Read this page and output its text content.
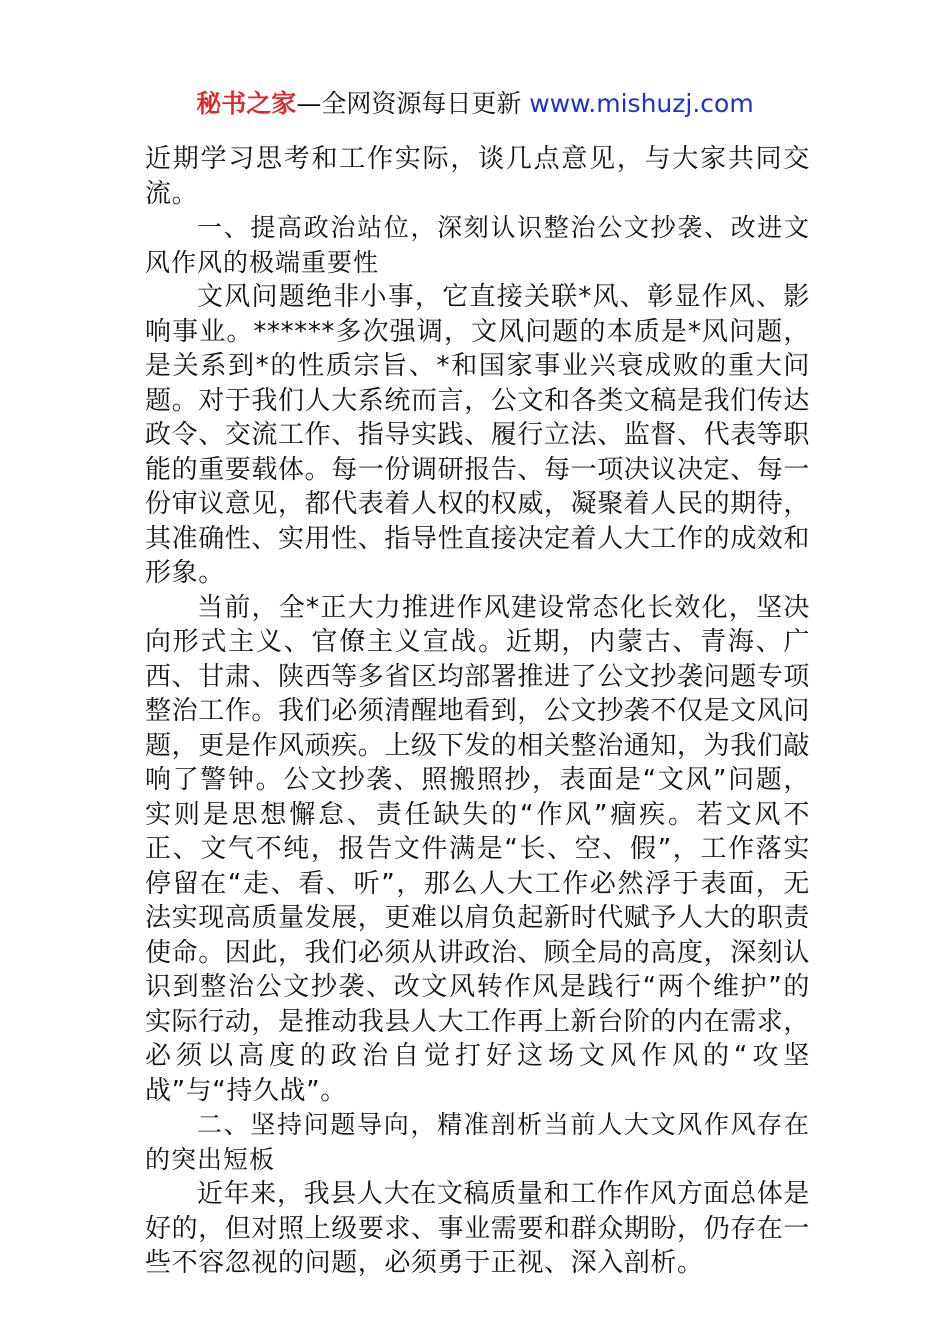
秘书之家—全网资源每日更新 www.mishuzj.com

近期学习思考和工作实际，谈几点意见，与大家共同交流。

一、提高政治站位，深刻认识整治公文抄袭、改进文风作风的极端重要性

文风问题绝非小事，它直接关联*风、彰显作风、影响事业。******多次强调，文风问题的本质是*风问题，是关系到*的性质宗旨、*和国家事业兴衰成败的重大问题。对于我们人大系统而言，公文和各类文稿是我们传达政令、交流工作、指导实践、履行立法、监督、代表等职能的重要载体。每一份调研报告、每一项决议决定、每一份审议意见，都代表着人权的权威，凝聚着人民的期待，其准确性、实用性、指导性直接决定着人大工作的成效和形象。

当前，全*正大力推进作风建设常态化长效化，坚决向形式主义、官僚主义宣战。近期，内蒙古、青海、广西、甘肃、陕西等多省区均部署推进了公文抄袭问题专项整治工作。我们必须清醒地看到，公文抄袭不仅是文风问题，更是作风顽疾。上级下发的相关整治通知，为我们敲响了警钟。公文抄袭、照搬照抄，表面是“文风”问题，实则是思想懈怠、责任缺失的“作风”痼疾。若文风不正、文气不纯，报告文件满是“长、空、假”，工作落实停留在“走、看、听”，那么人大工作必然浮于表面，无法实现高质量发展，更难以肩负起新时代赋予人大的职责使命。因此，我们必须从讲政治、顾全局的高度，深刻认识到整治公文抄袭、改文风转作风是践行“两个维护”的实际行动，是推动我县人大工作再上新台阶的内在需求，必须以高度的政治自觉打好这场文风作风的“攻坚战”与“持久战”。

二、坚持问题导向，精准剖析当前人大文风作风存在的突出短板

近年来，我县人大在文稿质量和工作作风方面总体是好的，但对照上级要求、事业需要和群众期盼，仍存在一些不容忽视的问题，必须勇于正视、深入剖析。
